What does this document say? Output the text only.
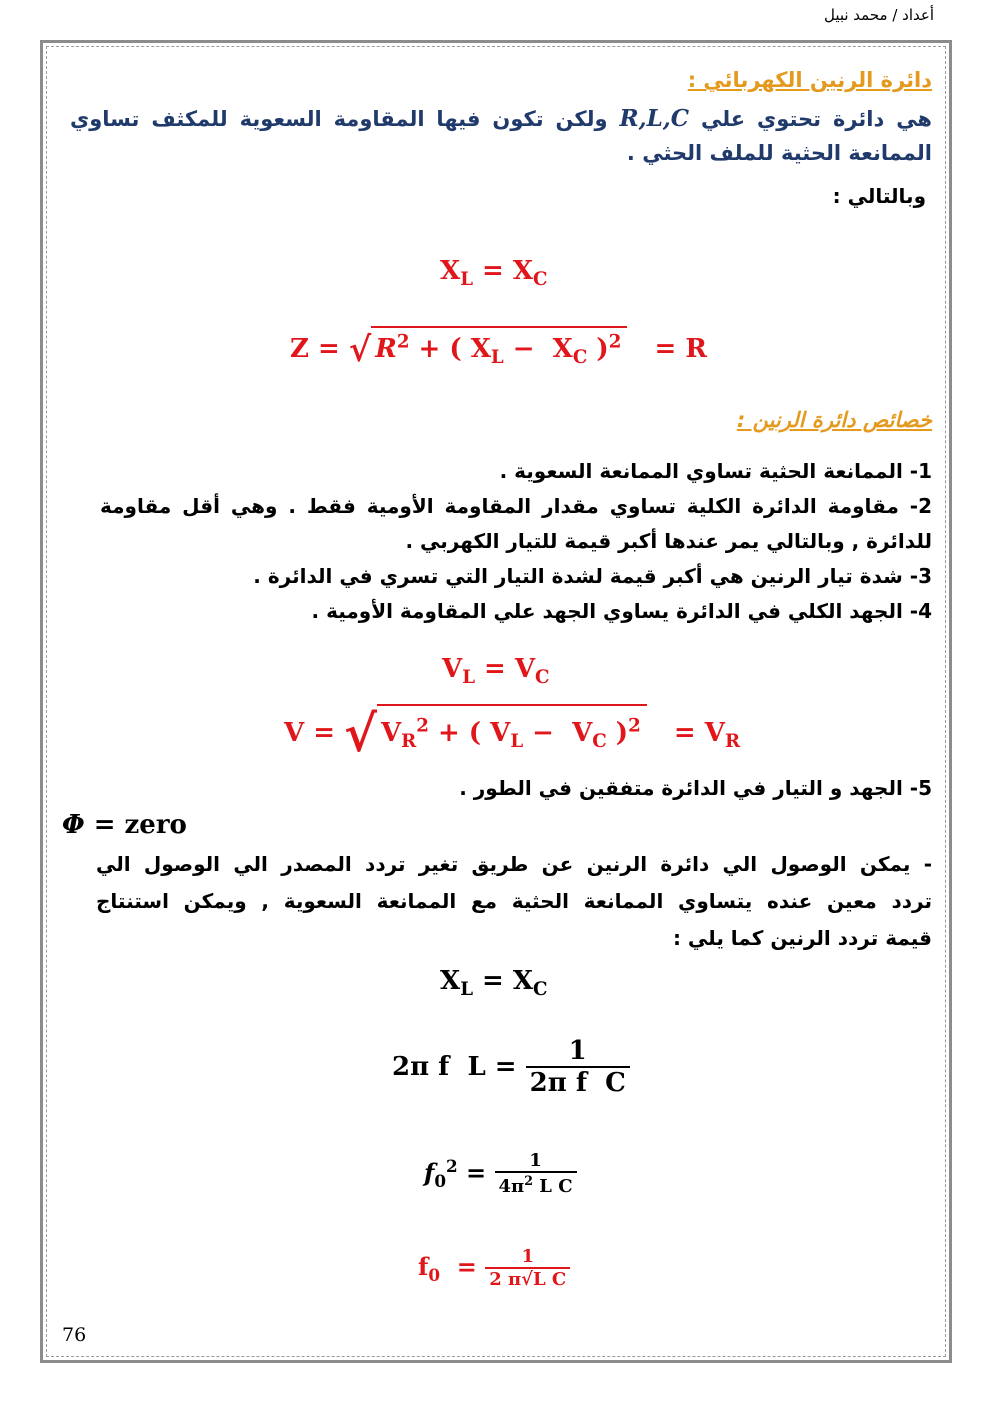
أعداد / محمد نبيل
دائرة الرنين الكهربائي :
هي دائرة تحتوي علي R,L,C ولكن تكون فيها المقاومة السعوية للمكثف تساوي
الممانعة الحثية للملف الحثي .
وبالتالي :
$X_L = X_C$
Z = √ $R^2$ + ( $X_L - X_C$ )$^2$   = R
خصائص دائرة الرنين :
1- الممانعة الحثية تساوي الممانعة السعوية .
2- مقاومة الدائرة الكلية تساوي مقدار المقاومة الأومية فقط . وهي أقل مقاومة
للدائرة , وبالتالي يمر عندها أكبر قيمة للتيار الكهربي .
3- شدة تيار الرنين هي أكبر قيمة لشدة التيار التي تسري في الدائرة .
4- الجهد الكلي في الدائرة يساوي الجهد علي المقاومة الأومية .
$V_L = V_C$
V = √ $V_R^2$ + ( $V_L - V_C$ )$^2 = V_R$
5- الجهد و التيار في الدائرة متفقين في الطور .
Φ = zero
- يمكن الوصول الي دائرة الرنين عن طريق تغير تردد المصدر الي الوصول الي
تردد معين عنده يتساوي الممانعة الحثية مع الممانعة السعوية , ويمكن استنتاج
قيمة تردد الرنين كما يلي :
$X_L = X_C$
2π f  $L = \frac{1}{\text{2π f  C}}$
$f_0^2 = \frac{1}{4\pi^2 L C}$
$f_0 = \frac{1}{\text{2 π√L C}}$
76
